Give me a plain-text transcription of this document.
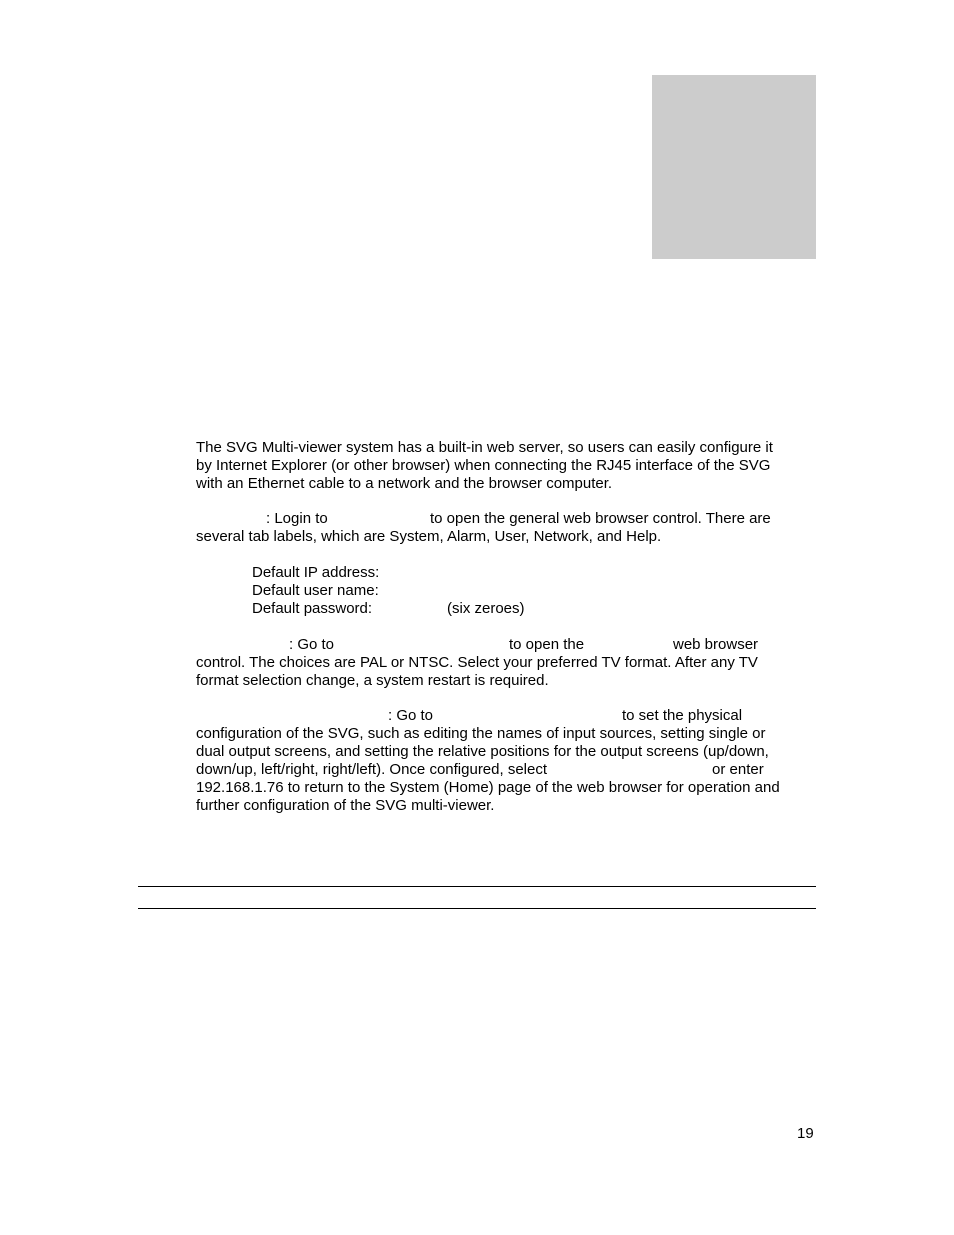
The SVG Multi-viewer system has a built-in web server, so users can easily configure it
by Internet Explorer (or other browser) when connecting the RJ45 interface of the SVG
with an Ethernet cable to a network and the browser computer.
: Login to	to open the general web browser control. There are
several tab labels, which are System, Alarm, User, Network, and Help.
Default IP address:
Default user name:
Default password:	(six zeroes)
: Go to	to open the	web browser
control. The choices are PAL or NTSC. Select your preferred TV format. After any TV
format selection change, a system restart is required.
: Go to	to set the physical
configuration of the SVG, such as editing the names of input sources, setting single or
dual output screens, and setting the relative positions for the output screens (up/down,
down/up, left/right, right/left). Once configured, select	or enter
192.168.1.76 to return to the System (Home) page of the web browser for operation and
further configuration of the SVG multi-viewer.
19
